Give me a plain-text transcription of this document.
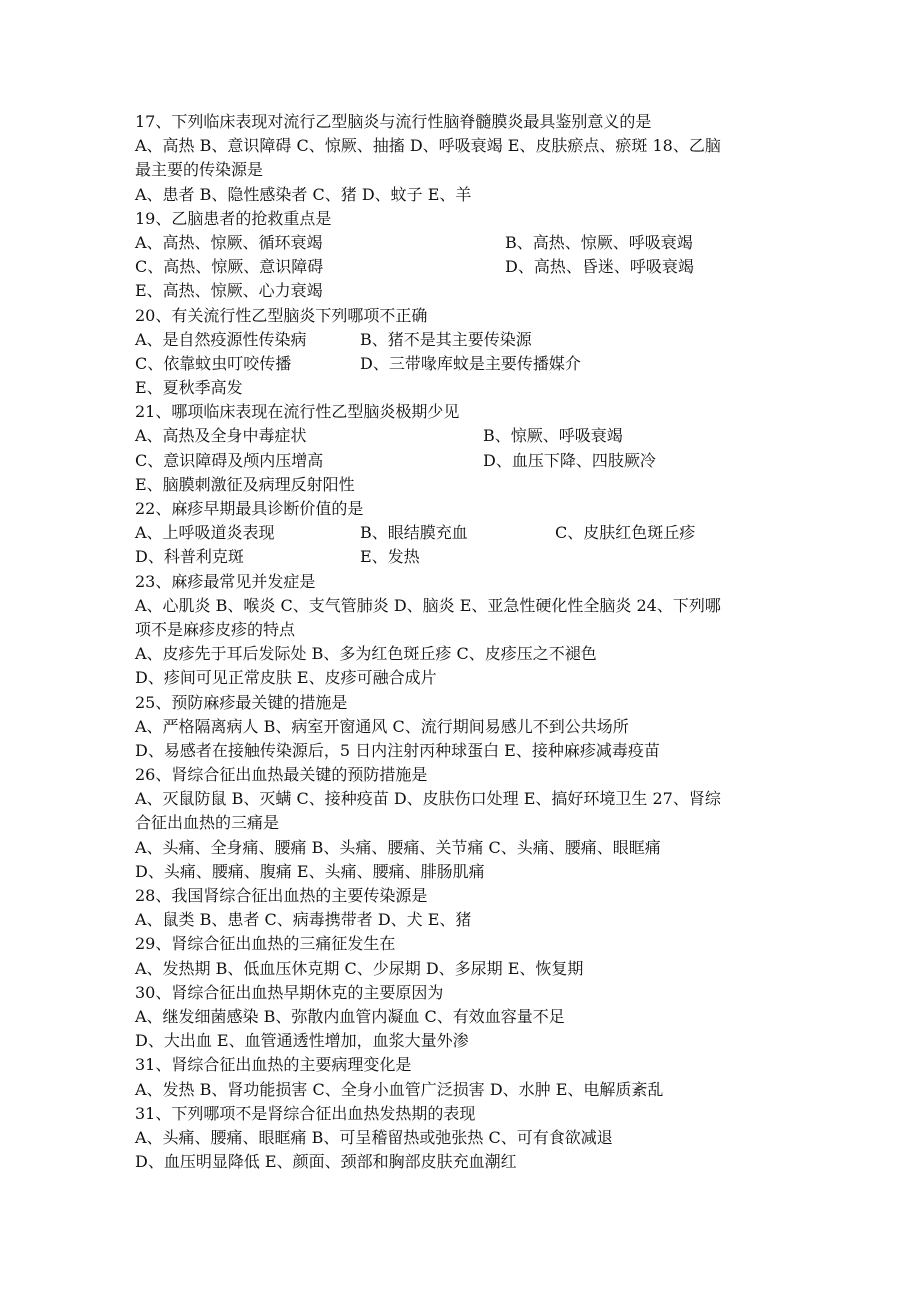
17、下列临床表现对流行乙型脑炎与流行性脑脊髓膜炎最具鉴别意义的是
A、高热 B、意识障碍 C、惊厥、抽搐 D、呼吸衰竭 E、皮肤瘀点、瘀斑 18、乙脑
最主要的传染源是
A、患者 B、隐性感染者 C、猪 D、蚊子 E、羊
19、乙脑患者的抢救重点是
A、高热、惊厥、循环衰竭	B、高热、惊厥、呼吸衰竭
C、高热、惊厥、意识障碍	D、高热、昏迷、呼吸衰竭
E、高热、惊厥、心力衰竭
20、有关流行性乙型脑炎下列哪项不正确
A、是自然疫源性传染病	B、猪不是其主要传染源
C、依靠蚊虫叮咬传播	D、三带喙库蚊是主要传播媒介
E、夏秋季高发
21、哪项临床表现在流行性乙型脑炎极期少见
A、高热及全身中毒症状	B、惊厥、呼吸衰竭
C、意识障碍及颅内压增高	D、血压下降、四肢厥冷
E、脑膜刺激征及病理反射阳性
22、麻疹早期最具诊断价值的是
A、上呼吸道炎表现	B、眼结膜充血	C、皮肤红色斑丘疹
D、科普利克斑	E、发热
23、麻疹最常见并发症是
A、心肌炎 B、喉炎 C、支气管肺炎 D、脑炎 E、亚急性硬化性全脑炎 24、下列哪
项不是麻疹皮疹的特点
A、皮疹先于耳后发际处 B、多为红色斑丘疹 C、皮疹压之不褪色
D、疹间可见正常皮肤 E、皮疹可融合成片
25、预防麻疹最关键的措施是
A、严格隔离病人 B、病室开窗通风 C、流行期间易感儿不到公共场所
D、易感者在接触传染源后，5 日内注射丙种球蛋白 E、接种麻疹减毒疫苗
26、肾综合征出血热最关键的预防措施是
A、灭鼠防鼠 B、灭螨 C、接种疫苗 D、皮肤伤口处理 E、搞好环境卫生 27、肾综
合征出血热的三痛是
A、头痛、全身痛、腰痛 B、头痛、腰痛、关节痛 C、头痛、腰痛、眼眶痛
D、头痛、腰痛、腹痛 E、头痛、腰痛、腓肠肌痛
28、我国肾综合征出血热的主要传染源是
A、鼠类 B、患者 C、病毒携带者 D、犬 E、猪
29、肾综合征出血热的三痛征发生在
A、发热期 B、低血压休克期 C、少尿期 D、多尿期 E、恢复期
30、肾综合征出血热早期休克的主要原因为
A、继发细菌感染 B、弥散内血管内凝血 C、有效血容量不足
D、大出血 E、血管通透性增加，血浆大量外渗
31、肾综合征出血热的主要病理变化是
A、发热 B、肾功能损害 C、全身小血管广泛损害 D、水肿 E、电解质紊乱
31、下列哪项不是肾综合征出血热发热期的表现
A、头痛、腰痛、眼眶痛 B、可呈稽留热或弛张热 C、可有食欲减退
D、血压明显降低 E、颜面、颈部和胸部皮肤充血潮红
